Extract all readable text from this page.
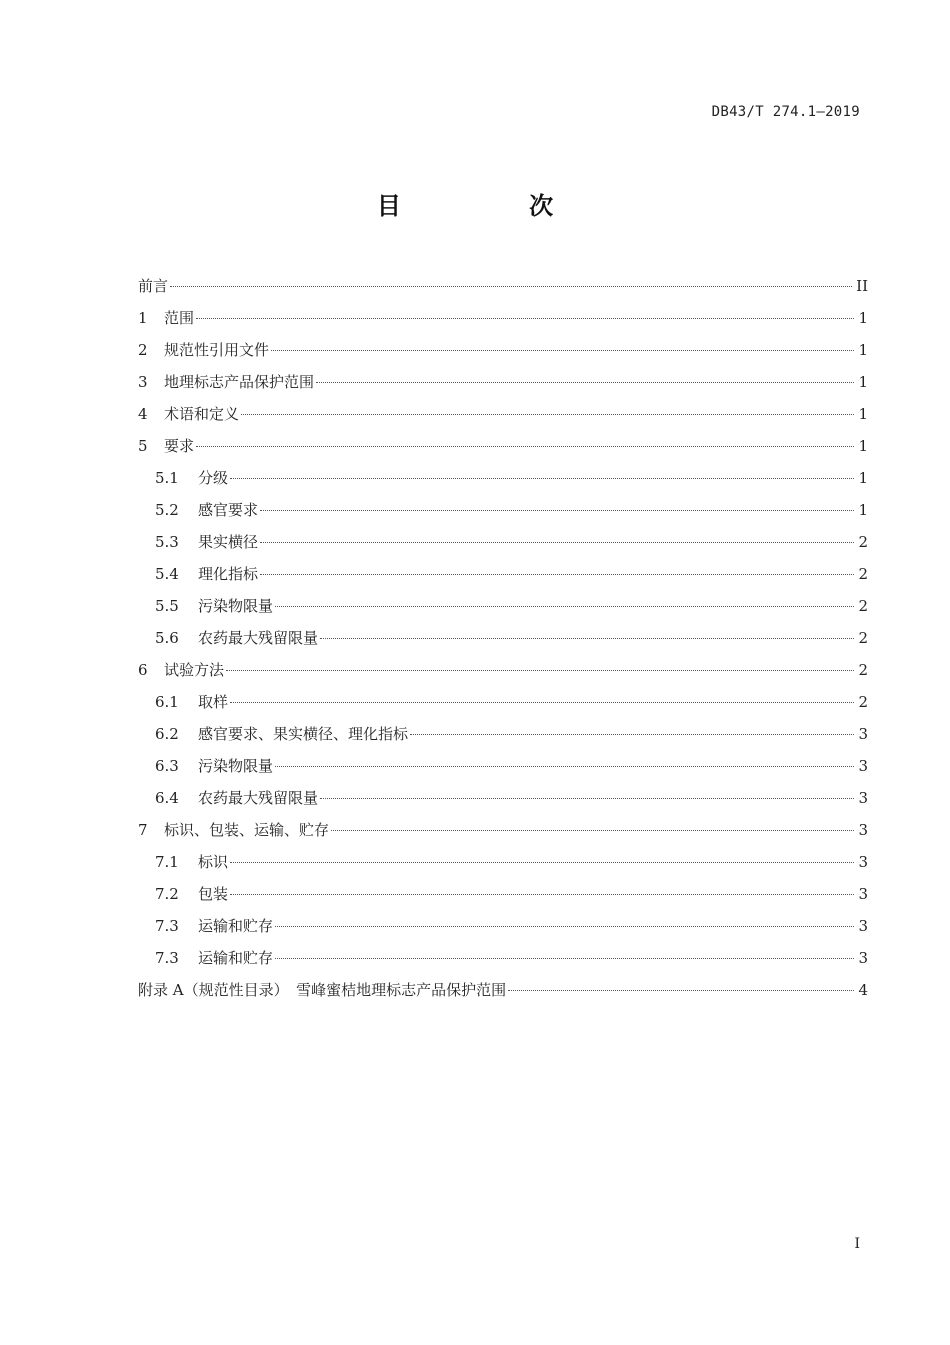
DB43/T 274.1—2019
目 次
前言	II
1	范围	1
2	规范性引用文件	1
3	地理标志产品保护范围	1
4	术语和定义	1
5	要求	1
5.1	分级	1
5.2	感官要求	1
5.3	果实横径	2
5.4	理化指标	2
5.5	污染物限量	2
5.6	农药最大残留限量	2
6	试验方法	2
6.1	取样	2
6.2	感官要求、果实横径、理化指标	3
6.3	污染物限量	3
6.4	农药最大残留限量	3
7	标识、包装、运输、贮存	3
7.1	标识	3
7.2	包装	3
7.3	运输和贮存	3
7.3	运输和贮存	3
附录 A（规范性目录）　雪峰蜜桔地理标志产品保护范围	4
I
